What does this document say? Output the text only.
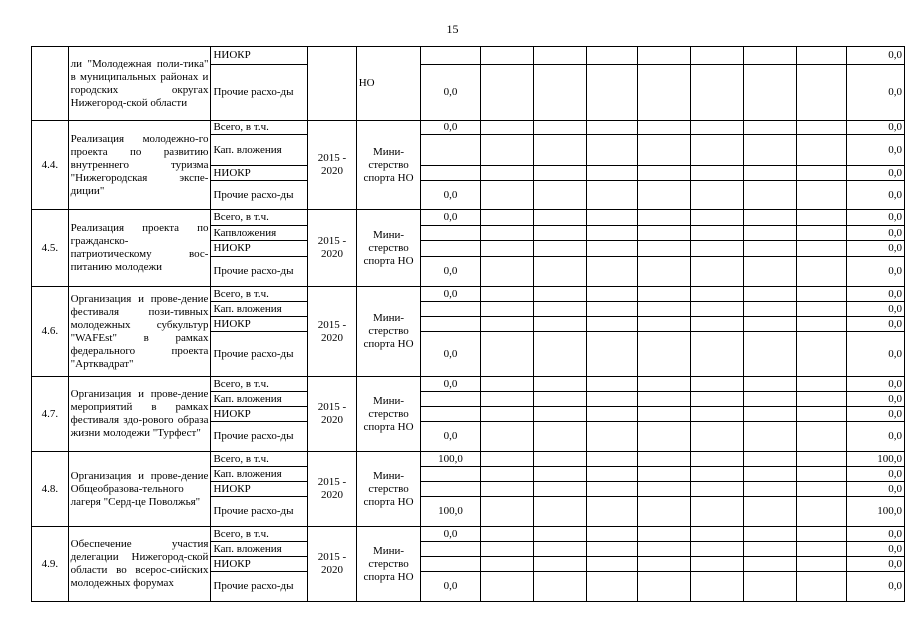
15
	ли "Молодежная поли-тика" в муниципальных районах и городских округах Нижегород-ской области	НИОКР		НО									0,0
		Прочие расхо-ды			0,0								0,0
4.4.	Реализация молодежно-го проекта по развитию внутреннего туризма "Нижегородская экспе-диции"	Всего, в т.ч.	2015 - 2020	Мини-стерство спорта НО	0,0								0,0
		Кап. вложения											0,0
		НИОКР											0,0
		Прочие расхо-ды			0,0								0,0
4.5.	Реализация проекта по гражданско-патриотическому вос-питанию молодежи	Всего, в т.ч.	2015 - 2020	Мини-стерство спорта НО	0,0								0,0
		Капвложения											0,0
		НИОКР											0,0
		Прочие расхо-ды			0,0								0,0
4.6.	Организация и прове-дение фестиваля пози-тивных молодежных субкультур "WAFEst" в рамках федерального проекта "Артквадрат"	Всего, в т.ч.	2015 - 2020	Мини-стерство спорта НО	0,0								0,0
		Кап. вложения											0,0
		НИОКР											0,0
		Прочие расхо-ды			0,0								0,0
4.7.	Организация и прове-дение мероприятий в рамках фестиваля здо-рового образа жизни молодежи "Турфест"	Всего, в т.ч.	2015 - 2020	Мини-стерство спорта НО	0,0								0,0
		Кап. вложения											0,0
		НИОКР											0,0
		Прочие расхо-ды			0,0								0,0
4.8.	Организация и прове-дение Общеобразова-тельного лагеря "Серд-це Поволжья"	Всего, в т.ч.	2015 - 2020	Мини-стерство спорта НО	100,0								100,0
		Кап. вложения											0,0
		НИОКР											0,0
		Прочие расхо-ды			100,0								100,0
4.9.	Обеспечение участия делегации Нижегород-ской области во всерос-сийских молодежных форумах	Всего, в т.ч.	2015 - 2020	Мини-стерство спорта НО	0,0								0,0
		Кап. вложения											0,0
		НИОКР											0,0
		Прочие расхо-ды			0,0								0,0
